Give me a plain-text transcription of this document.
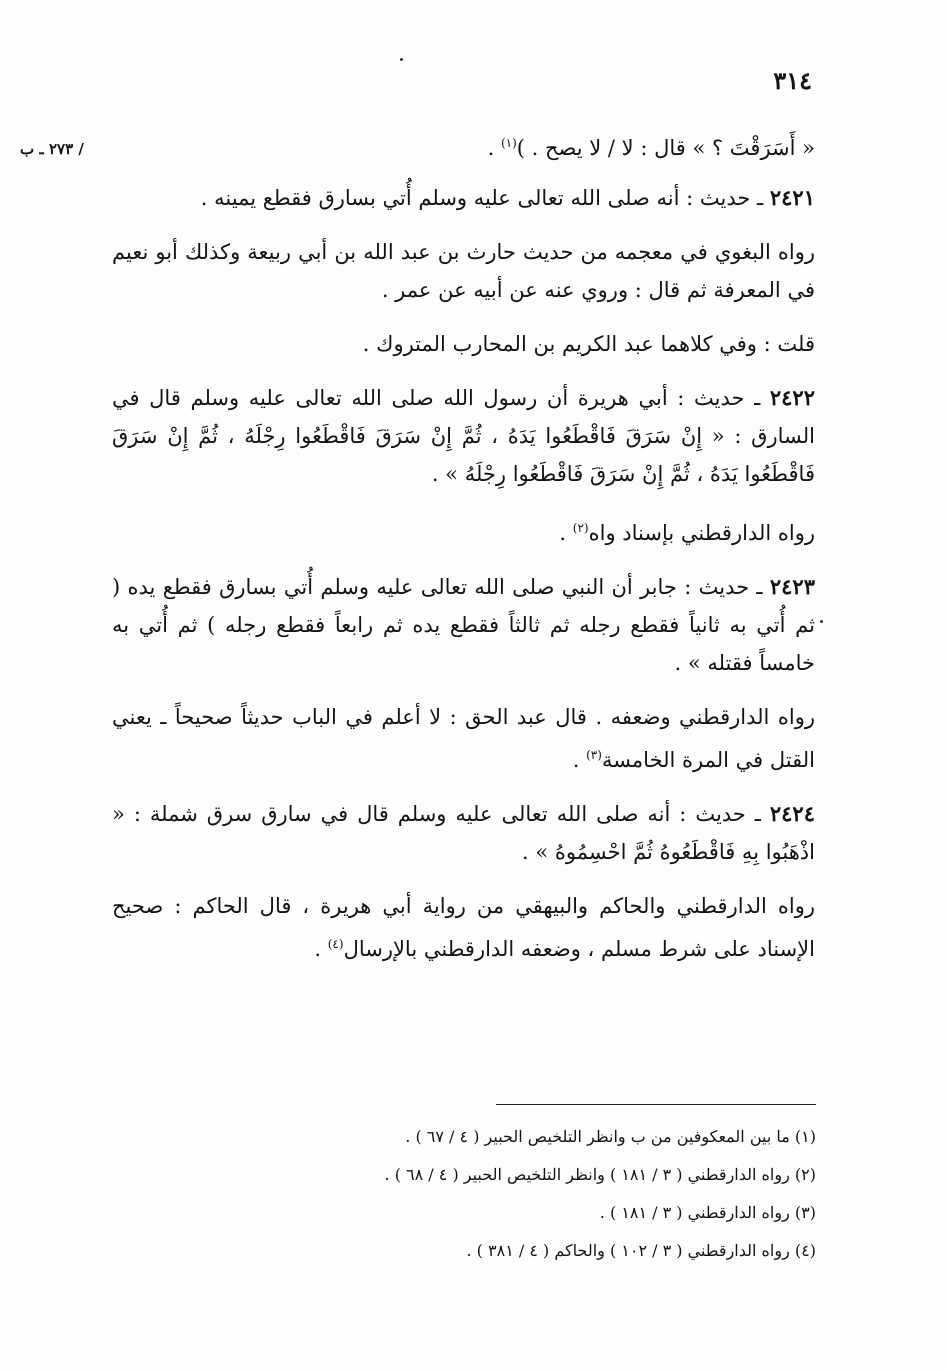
٣١٤
/ ٢٧٣ ـ ب	« أَسَرَقْتَ ؟ » قال : لا / لا يصح . )$^{(١)}$ .

٢٤٢١ ـ حديث : أنه صلى الله تعالى عليه وسلم أُتي بسارق فقطع يمينه .

رواه البغوي في معجمه من حديث حارث بن عبد الله بن أبي ربيعة وكذلك أبو نعيم في المعرفة ثم قال : وروي عنه عن أبيه عن عمر .

قلت : وفي كلاهما عبد الكريم بن المحارب المتروك .

٢٤٢٢ ـ حديث : أبي هريرة أن رسول الله صلى الله تعالى عليه وسلم قال في السارق : « إِنْ سَرَقَ فَاقْطَعُوا يَدَهُ ، ثُمَّ إِنْ سَرَقَ فَاقْطَعُوا رِجْلَهُ ، ثُمَّ إِنْ سَرَقَ فَاقْطَعُوا يَدَهُ ، ثُمَّ إِنْ سَرَقَ فَاقْطَعُوا رِجْلَهُ » .

رواه الدارقطني بإسناد واه$^{(٢)}$ .

٢٤٢٣ ـ حديث : جابر أن النبي صلى الله تعالى عليه وسلم أُتي بسارق فقطع يده ( ثم أُتي به ثانياً فقطع رجله ثم ثالثاً فقطع يده ثم رابعاً فقطع رجله ) ثم أُتي به خامساً فقتله » .

رواه الدارقطني وضعفه . قال عبد الحق : لا أعلم في الباب حديثاً صحيحاً ـ يعني القتل في المرة الخامسة$^{(٣)}$ .

٢٤٢٤ ـ حديث : أنه صلى الله تعالى عليه وسلم قال في سارق سرق شملة : « اذْهَبُوا بِهِ فَاقْطَعُوهُ ثُمَّ احْسِمُوهُ » .

رواه الدارقطني والحاكم والبيهقي من رواية أبي هريرة ، قال الحاكم : صحيح الإسناد على شرط مسلم ، وضعفه الدارقطني بالإرسال$^{(٤)}$ .

(١) ما بين المعكوفين من ب وانظر التلخيص الحبير ( ٤ / ٦٧ ) .

(٢) رواه الدارقطني ( ٣ / ١٨١ ) وانظر التلخيص الحبير ( ٤ / ٦٨ ) .

(٣) رواه الدارقطني ( ٣ / ١٨١ ) .

(٤) رواه الدارقطني ( ٣ / ١٠٢ ) والحاكم ( ٤ / ٣٨١ ) .
